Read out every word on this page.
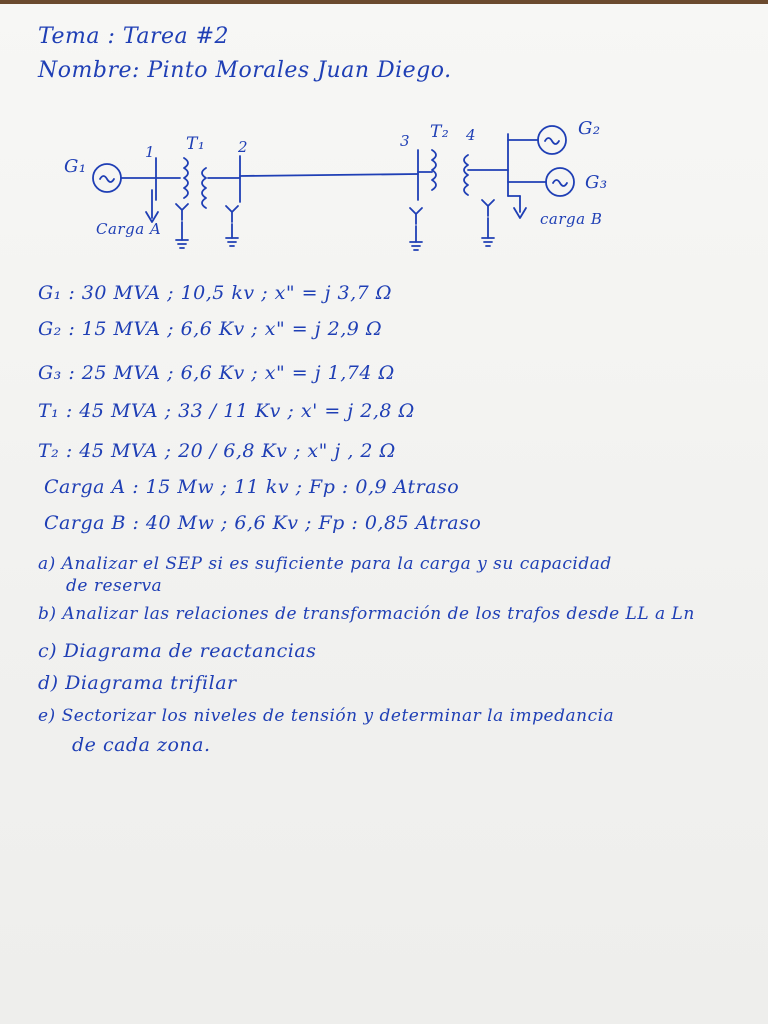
Tema : Tarea #2
Nombre: Pinto Morales Juan Diego.
G₁
1 T₁ 2	3 T₂ 4	G₂
G₃
Carga A
carga B
G₁ : 30 MVA ; 10,5 kv ; x" = j 3,7 Ω
G₂ : 15 MVA ; 6,6 Kv ; x" = j 2,9 Ω
G₃ : 25 MVA ; 6,6 Kv ; x" = j 1,74 Ω
T₁ : 45 MVA ; 33 / 11 Kv ; x' = j 2,8 Ω
T₂ : 45 MVA ; 20 / 6,8 Kv ; x" j , 2 Ω
Carga A : 15 Mw ; 11 kv ; Fp : 0,9 Atraso
Carga B : 40 Mw ; 6,6 Kv ; Fp : 0,85 Atraso
a) Analizar el SEP si es suficiente para la carga y su capacidad
de reserva
b) Analizar las relaciones de transformación de los trafos desde LL a Ln
c) Diagrama de reactancias
d) Diagrama trifilar
e) Sectorizar los niveles de tensión y determinar la impedancia
de cada zona.
